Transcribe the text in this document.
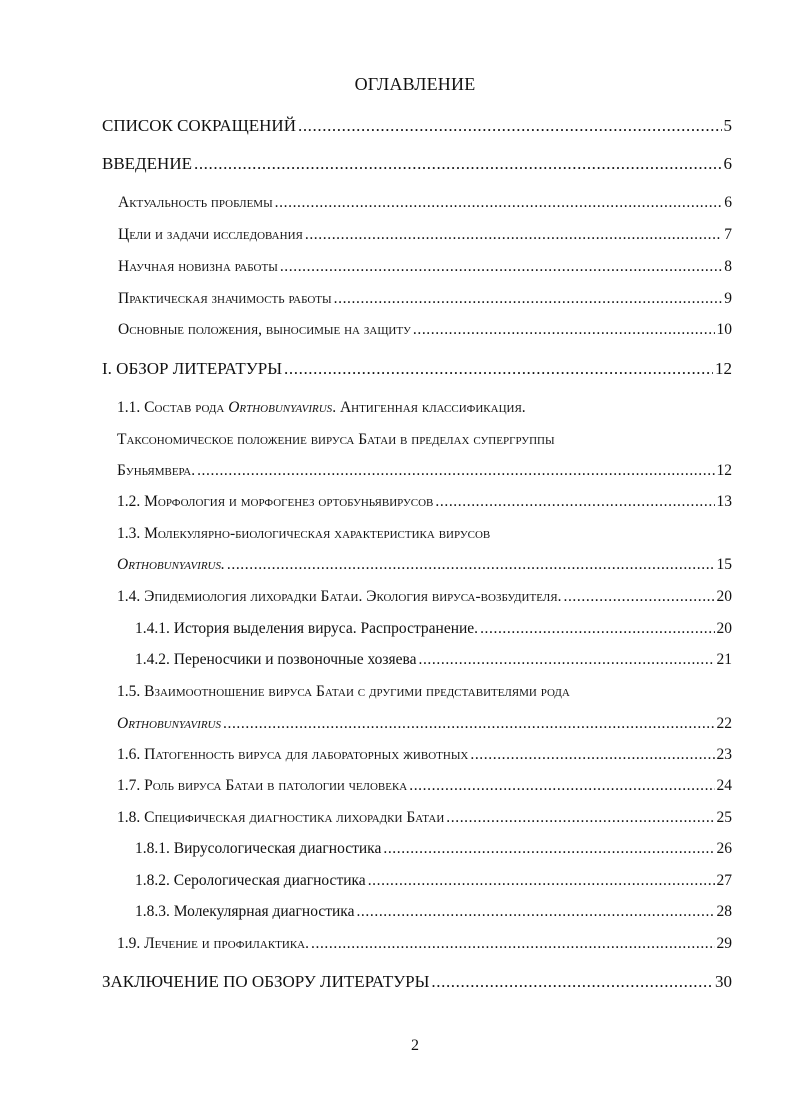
ОГЛАВЛЕНИЕ
СПИСОК СОКРАЩЕНИЙ .....	5
ВВЕДЕНИЕ .....	6
Актуальность проблемы .....	6
Цели и задачи исследования .....	7
Научная новизна работы .....	8
Практическая значимость работы .....	9
Основные положения, выносимые на защиту .....	10
I. ОБЗОР ЛИТЕРАТУРЫ .....	12
1.1. Состав рода Orthobunyavirus. Антигенная классификация.
Таксономическое положение вируса Батаи в пределах супергруппы
Буньямвера. .....	12
1.2. Морфология и морфогенез ортобуньявирусов .....	13
1.3. Молекулярно-биологическая характеристика вирусов
Orthobunyavirus. .....	15
1.4. Эпидемиология лихорадки Батаи. Экология вируса-возбудителя. .....	20
1.4.1. История выделения вируса. Распространение. .....	20
1.4.2. Переносчики и позвоночные хозяева .....	21
1.5. Взаимоотношение вируса Батаи с другими представителями рода
Orthobunyavirus .....	22
1.6. Патогенность вируса для лабораторных животных .....	23
1.7. Роль вируса Батаи в патологии человека .....	24
1.8. Специфическая диагностика лихорадки Батаи .....	25
1.8.1. Вирусологическая диагностика .....	26
1.8.2. Серологическая диагностика .....	27
1.8.3. Молекулярная диагностика .....	28
1.9. Лечение и профилактика. .....	29
ЗАКЛЮЧЕНИЕ ПО ОБЗОРУ ЛИТЕРАТУРЫ .....	30
2
